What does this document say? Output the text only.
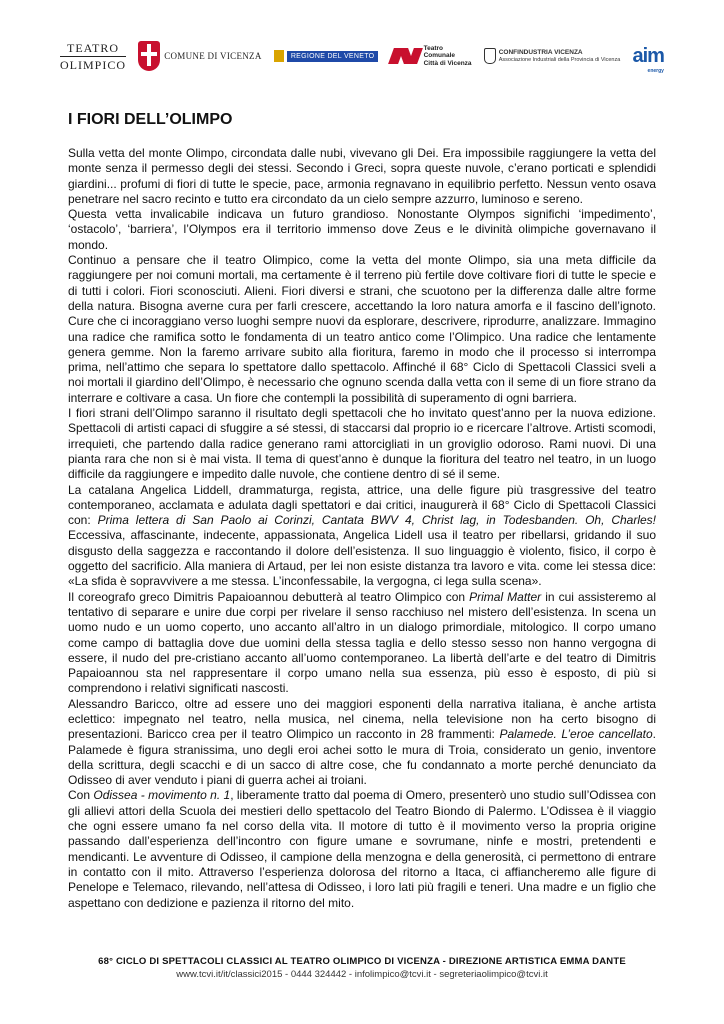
TEATRO
OLIMPICO
COMUNE DI VICENZA	REGIONE DEL VENETO
Teatro
Comunale
Città di Vicenza
CONFINDUSTRIA VICENZA
Associazione Industriali della Provincia di Vicenza aim
energy
I FIORI DELL’OLIMPO

Sulla vetta del monte Olimpo, circondata dalle nubi, vivevano gli Dei. Era impossibile raggiungere la vetta del monte senza il permesso degli dei stessi. Secondo i Greci, sopra queste nuvole, c’erano porticati e splendidi giardini... profumi di fiori di tutte le specie, pace, armonia regnavano in equilibrio perfetto. Nessun vento osava penetrare nel sacro recinto e tutto era circondato da un cielo sempre azzurro, luminoso e sereno.

Questa vetta invalicabile indicava un futuro grandioso. Nonostante Olympos significhi ‘impedimento’, ‘ostacolo’, ‘barriera’, l’Olympos era il territorio immenso dove Zeus e le divinità olimpiche governavano il mondo.

Continuo a pensare che il teatro Olimpico, come la vetta del monte Olimpo, sia una meta difficile da raggiungere per noi comuni mortali, ma certamente è il terreno più fertile dove coltivare fiori di tutte le specie e di tutti i colori. Fiori sconosciuti. Alieni. Fiori diversi e strani, che scuotono per la differenza dalle altre forme della natura. Bisogna averne cura per farli crescere, accettando la loro natura amorfa e il fascino dell’ignoto. Cure che ci incoraggiano verso luoghi sempre nuovi da esplorare, descrivere, riprodurre, analizzare. Immagino una radice che ramifica sotto le fondamenta di un teatro antico come l’Olimpico. Una radice che lentamente genera gemme. Non la faremo arrivare subito alla fioritura, faremo in modo che il processo si interrompa prima, nell’attimo che separa lo spettatore dallo spettacolo. Affinché il 68° Ciclo di Spettacoli Classici sveli a noi mortali il giardino dell’Olimpo, è necessario che ognuno scenda dalla vetta con il seme di un fiore strano da interrare e coltivare a casa. Un fiore che contempli la possibilità di superamento di ogni barriera.

I fiori strani dell’Olimpo saranno il risultato degli spettacoli che ho invitato quest’anno per la nuova edizione. Spettacoli di artisti capaci di sfuggire a sé stessi, di staccarsi dal proprio io e ricercare l’altrove. Artisti scomodi, irrequieti, che partendo dalla radice generano rami attorcigliati in un groviglio odoroso. Rami nuovi. Di una pianta rara che non si è mai vista. Il tema di quest’anno è dunque la fioritura del teatro nel teatro, in un luogo difficile da raggiungere e impedito dalle nuvole, che contiene dentro di sé il seme.

La catalana Angelica Liddell, drammaturga, regista, attrice, una delle figure più trasgressive del teatro contemporaneo, acclamata e adulata dagli spettatori e dai critici, inaugurerà il 68° Ciclo di Spettacoli Classici con: Prima lettera di San Paolo ai Corinzi, Cantata BWV 4, Christ lag, in Todesbanden. Oh, Charles! Eccessiva, affascinante, indecente, appassionata, Angelica Lidell usa il teatro per ribellarsi, gridando il suo disgusto della saggezza e raccontando il dolore dell’esistenza. Il suo linguaggio è violento, fisico, il corpo è oggetto del sacrificio. Alla maniera di Artaud, per lei non esiste distanza tra lavoro e vita. come lei stessa dice: «La sfida è sopravvivere a me stessa. L’inconfessabile, la vergogna, ci lega sulla scena».

Il coreografo greco Dimitris Papaioannou debutterà al teatro Olimpico con Primal Matter in cui assisteremo al tentativo di separare e unire due corpi per rivelare il senso racchiuso nel mistero dell’esistenza. In scena un uomo nudo e un uomo coperto, uno accanto all’altro in un dialogo primordiale, mitologico. Il corpo umano come campo di battaglia dove due uomini della stessa taglia e dello stesso sesso non hanno vergogna di essere, il nudo del pre-cristiano accanto all’uomo contemporaneo. La libertà dell’arte e del teatro di Dimitris Papaioannou sta nel rappresentare il corpo umano nella sua essenza, più esso è esposto, di più si comprendono i relativi significati nascosti.

Alessandro Baricco, oltre ad essere uno dei maggiori esponenti della narrativa italiana, è anche artista eclettico: impegnato nel teatro, nella musica, nel cinema, nella televisione non ha certo bisogno di presentazioni. Baricco crea per il teatro Olimpico un racconto in 28 frammenti: Palamede. L’eroe cancellato. Palamede è figura stranissima, uno degli eroi achei sotto le mura di Troia, considerato un genio, inventore della scrittura, degli scacchi e di un sacco di altre cose, che fu condannato a morte perché denunciato da Odisseo di aver venduto i piani di guerra achei ai troiani.

Con Odissea - movimento n. 1, liberamente tratto dal poema di Omero, presenterò uno studio sull’Odissea con gli allievi attori della Scuola dei mestieri dello spettacolo del Teatro Biondo di Palermo. L’Odissea è il viaggio che ogni essere umano fa nel corso della vita. Il motore di tutto è il movimento verso la propria origine passando dall’esperienza dell’incontro con figure umane e sovrumane, ninfe e mostri, pretendenti e mendicanti. Le avventure di Odisseo, il campione della menzogna e della generosità, ci permettono di entrare in contatto con il mito. Attraverso l’esperienza dolorosa del ritorno a Itaca, ci affiancheremo alle figure di Penelope e Telemaco, rilevando, nell’attesa di Odisseo, i loro lati più fragili e teneri. Una madre e un figlio che aspettano con dedizione e pazienza il ritorno del mito.

68° CICLO DI SPETTACOLI CLASSICI AL TEATRO OLIMPICO DI VICENZA - DIREZIONE ARTISTICA EMMA DANTE
www.tcvi.it/it/classici2015 - 0444 324442 - infolimpico@tcvi.it - segreteriaolimpico@tcvi.it
